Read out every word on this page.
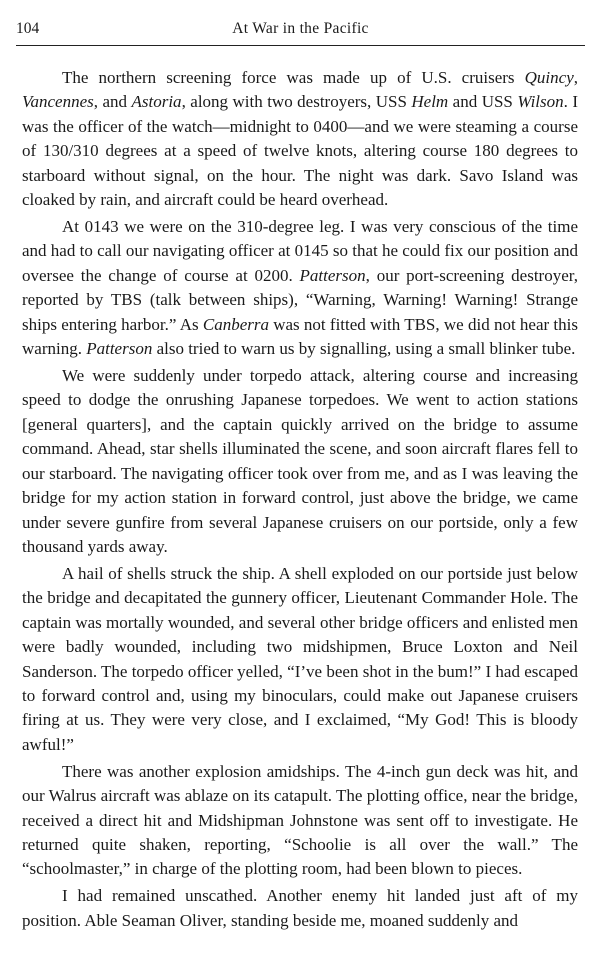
104	At War in the Pacific

The northern screening force was made up of U.S. cruisers Quincy, Vancennes, and Astoria, along with two destroyers, USS Helm and USS Wilson. I was the officer of the watch—midnight to 0400—and we were steaming a course of 130/310 degrees at a speed of twelve knots, altering course 180 degrees to starboard without signal, on the hour. The night was dark. Savo Island was cloaked by rain, and aircraft could be heard overhead.

At 0143 we were on the 310-degree leg. I was very conscious of the time and had to call our navigating officer at 0145 so that he could fix our position and oversee the change of course at 0200. Patterson, our port-screening destroyer, reported by TBS (talk between ships), “Warning, Warning! Warning! Strange ships entering harbor.” As Canberra was not fitted with TBS, we did not hear this warning. Patterson also tried to warn us by signalling, using a small blinker tube.

We were suddenly under torpedo attack, altering course and increasing speed to dodge the onrushing Japanese torpedoes. We went to action stations [general quarters], and the captain quickly arrived on the bridge to assume command. Ahead, star shells illuminated the scene, and soon aircraft flares fell to our starboard. The navigating officer took over from me, and as I was leaving the bridge for my action station in forward control, just above the bridge, we came under severe gunfire from several Japanese cruisers on our portside, only a few thousand yards away.

A hail of shells struck the ship. A shell exploded on our portside just below the bridge and decapitated the gunnery officer, Lieutenant Commander Hole. The captain was mortally wounded, and several other bridge officers and enlisted men were badly wounded, including two midshipmen, Bruce Loxton and Neil Sanderson. The torpedo officer yelled, “I’ve been shot in the bum!” I had escaped to forward control and, using my binoculars, could make out Japanese cruisers firing at us. They were very close, and I exclaimed, “My God! This is bloody awful!”

There was another explosion amidships. The 4-inch gun deck was hit, and our Walrus aircraft was ablaze on its catapult. The plotting office, near the bridge, received a direct hit and Midshipman Johnstone was sent off to investigate. He returned quite shaken, reporting, “Schoolie is all over the wall.” The “schoolmaster,” in charge of the plotting room, had been blown to pieces.

I had remained unscathed. Another enemy hit landed just aft of my position. Able Seaman Oliver, standing beside me, moaned suddenly and
